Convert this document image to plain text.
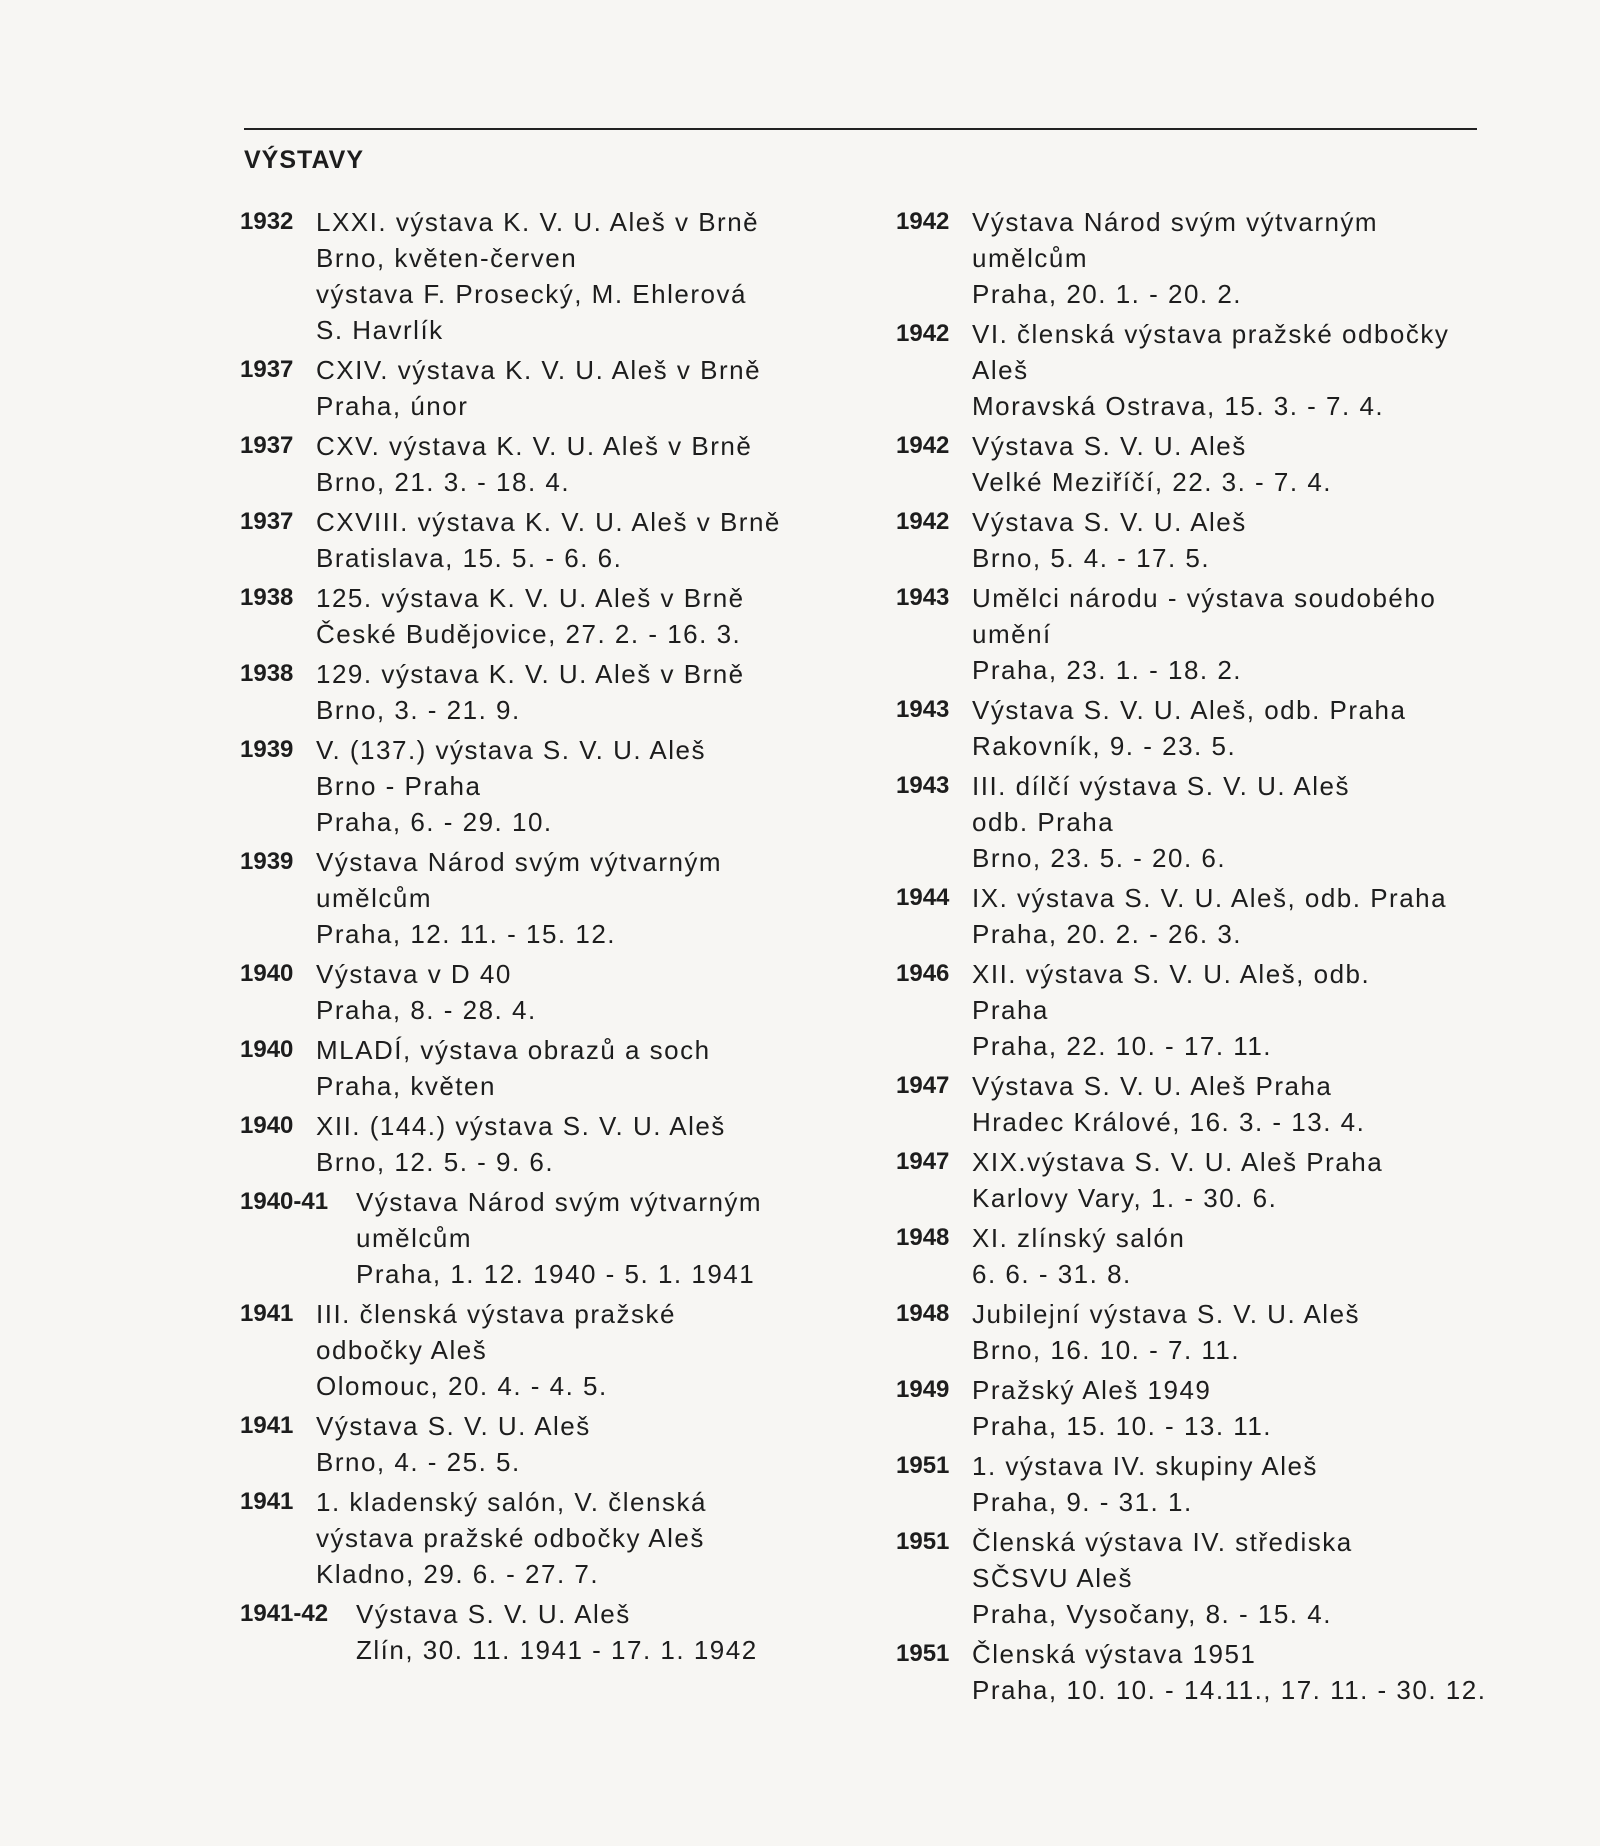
VÝSTAVY
1932 LXXI. výstava K. V. U. Aleš v Brně
Brno, květen-červen
výstava F. Prosecký, M. Ehlerová
S. Havrlík
1937 CXIV. výstava K. V. U. Aleš v Brně
Praha, únor
1937 CXV. výstava K. V. U. Aleš v Brně
Brno, 21. 3. - 18. 4.
1937 CXVIII. výstava K. V. U. Aleš v Brně
Bratislava, 15. 5. - 6. 6.
1938 125. výstava K. V. U. Aleš v Brně
České Budějovice, 27. 2. - 16. 3.
1938 129. výstava K. V. U. Aleš v Brně
Brno, 3. - 21. 9.
1939 V. (137.) výstava S. V. U. Aleš
Brno - Praha
Praha, 6. - 29. 10.
1939 Výstava Národ svým výtvarným
umělcům
Praha, 12. 11. - 15. 12.
1940 Výstava v D 40
Praha, 8. - 28. 4.
1940 MLADÍ, výstava obrazů a soch
Praha, květen
1940 XII. (144.) výstava S. V. U. Aleš
Brno, 12. 5. - 9. 6.
1940-41	Výstava Národ svým výtvarným
umělcům
Praha, 1. 12. 1940 - 5. 1. 1941
1941 III. členská výstava pražské
odbočky Aleš
Olomouc, 20. 4. - 4. 5.
1941 Výstava S. V. U. Aleš
Brno, 4. - 25. 5.
1941 1. kladenský salón, V. členská
výstava pražské odbočky Aleš
Kladno, 29. 6. - 27. 7.
1941-42	Výstava S. V. U. Aleš
Zlín, 30. 11. 1941 - 17. 1. 1942
1942 Výstava Národ svým výtvarným
umělcům
Praha, 20. 1. - 20. 2.
1942 VI. členská výstava pražské odbočky
Aleš
Moravská Ostrava, 15. 3. - 7. 4.
1942 Výstava S. V. U. Aleš
Velké Meziříčí, 22. 3. - 7. 4.
1942 Výstava S. V. U. Aleš
Brno, 5. 4. - 17. 5.
1943 Umělci národu - výstava soudobého
umění
Praha, 23. 1. - 18. 2.
1943 Výstava S. V. U. Aleš, odb. Praha
Rakovník, 9. - 23. 5.
1943 III. dílčí výstava S. V. U. Aleš
odb. Praha
Brno, 23. 5. - 20. 6.
1944 IX. výstava S. V. U. Aleš, odb. Praha
Praha, 20. 2. - 26. 3.
1946 XII. výstava S. V. U. Aleš, odb.
Praha
Praha, 22. 10. - 17. 11.
1947 Výstava S. V. U. Aleš Praha
Hradec Králové, 16. 3. - 13. 4.
1947 XIX.výstava S. V. U. Aleš Praha
Karlovy Vary, 1. - 30. 6.
1948 XI. zlínský salón
6. 6. - 31. 8.
1948 Jubilejní výstava S. V. U. Aleš
Brno, 16. 10. - 7. 11.
1949 Pražský Aleš 1949
Praha, 15. 10. - 13. 11.
1951 1. výstava IV. skupiny Aleš
Praha, 9. - 31. 1.
1951 Členská výstava IV. střediska
SČSVU Aleš
Praha, Vysočany, 8. - 15. 4.
1951 Členská výstava 1951
Praha, 10. 10. - 14.11., 17. 11. - 30. 12.
